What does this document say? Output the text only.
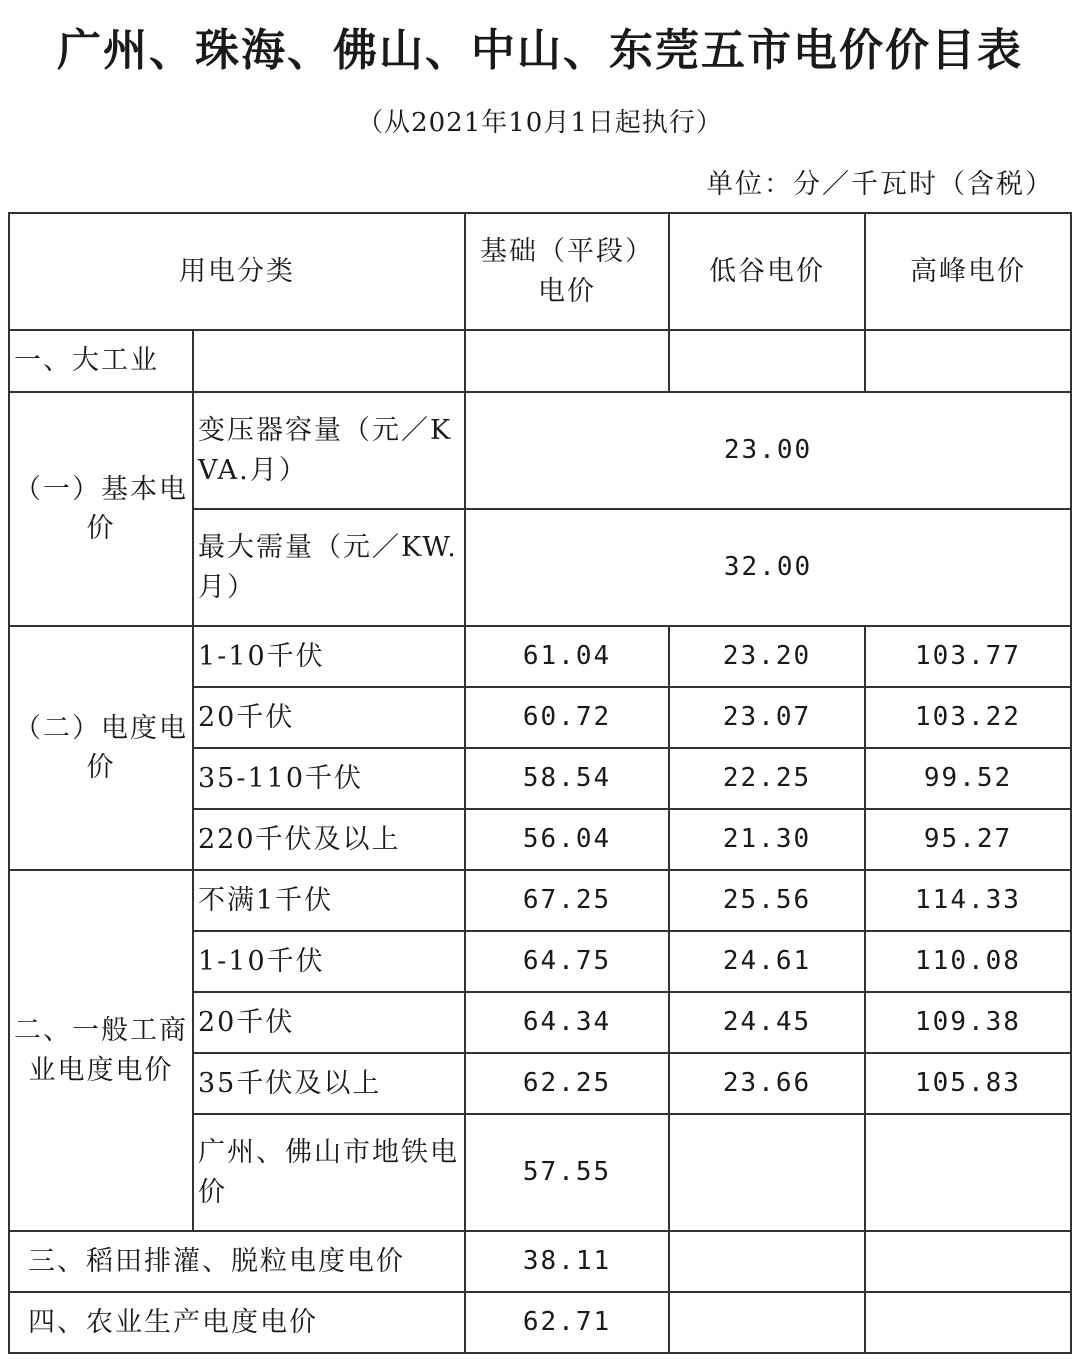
广州、珠海、佛山、中山、东莞五市电价价目表
（从2021年10月1日起执行）
单位：分／千瓦时（含税）
用电分类		基础（平段）电价	低谷电价	高峰电价
一、大工业				
（一）基本电价	变压器容量（元／KVA.月）	23.00		
	最大需量（元／KW.月）	32.00		
（二）电度电价	1-10千伏	61.04	23.20	103.77
	20千伏	60.72	23.07	103.22
	35-110千伏	58.54	22.25	99.52
	220千伏及以上	56.04	21.30	95.27
二、一般工商业电度电价	不满1千伏	67.25	25.56	114.33
	1-10千伏	64.75	24.61	110.08
	20千伏	64.34	24.45	109.38
	35千伏及以上	62.25	23.66	105.83
	广州、佛山市地铁电价	57.55		
三、稻田排灌、脱粒电度电价		38.11		
四、农业生产电度电价		62.71		
